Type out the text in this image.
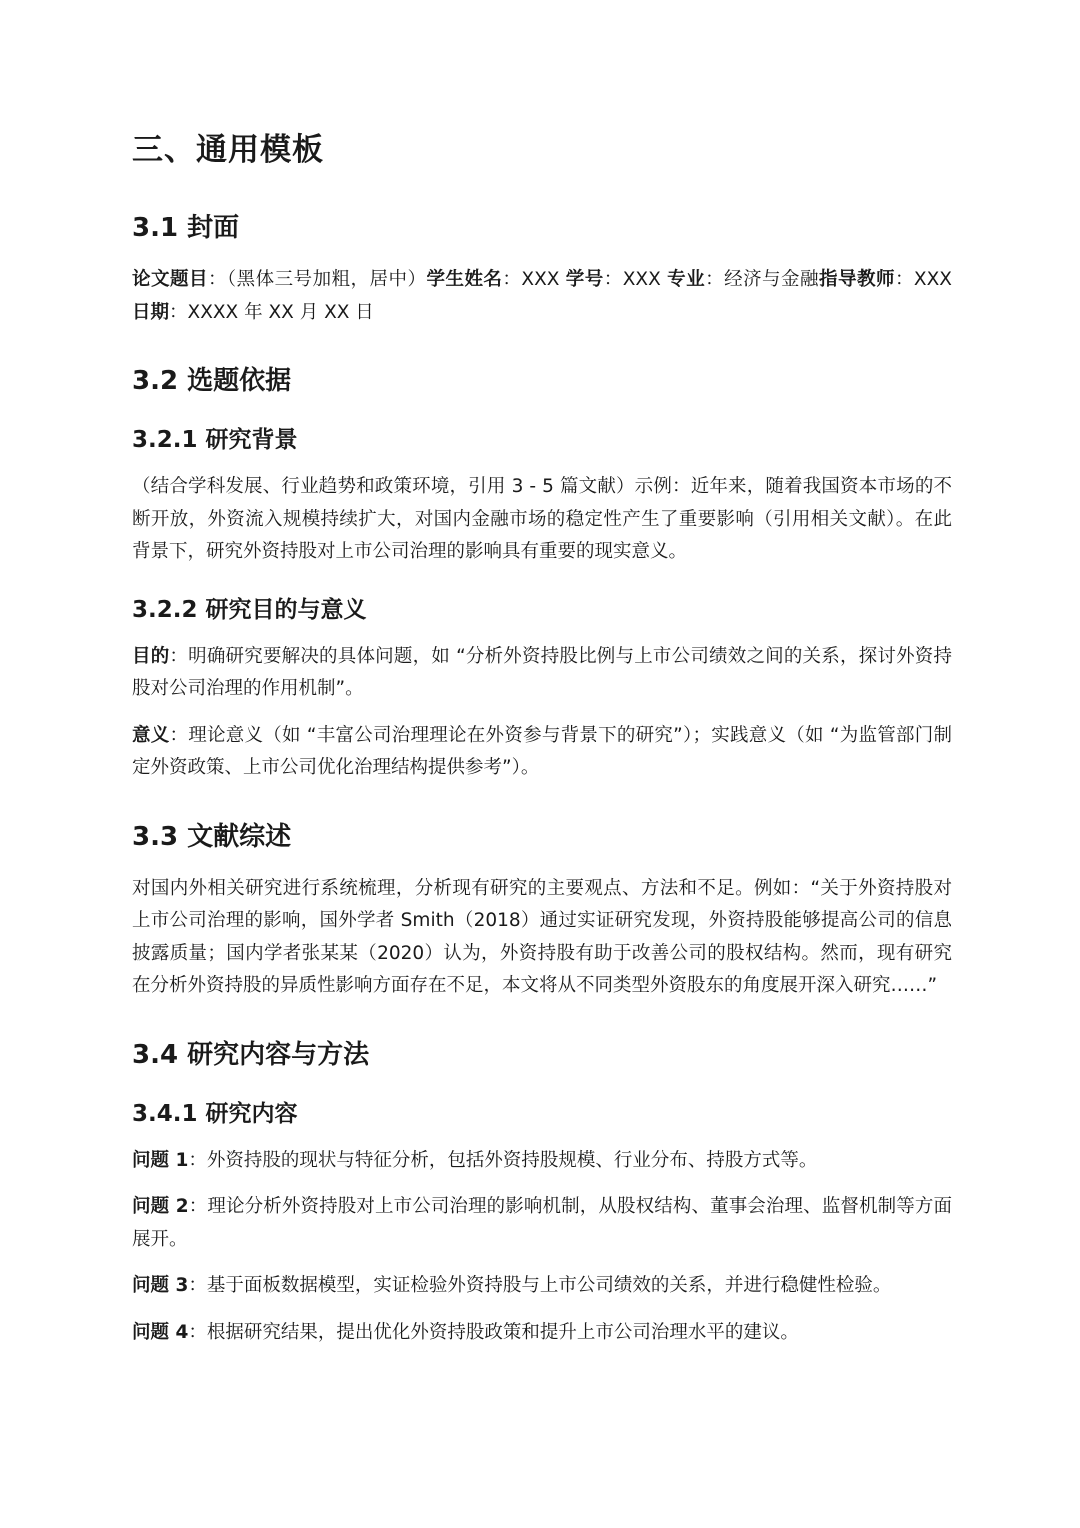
三、通用模板
3.1 封面

论文题目：（黑体三号加粗，居中）学生姓名：XXX 学号：XXX 专业：经济与金融指导教师：XXX 日期：XXXX 年 XX 月 XX 日

3.2 选题依据
3.2.1 研究背景

（结合学科发展、行业趋势和政策环境，引用 3 - 5 篇文献）示例：近年来，随着我国资本市场的不断开放，外资流入规模持续扩大，对国内金融市场的稳定性产生了重要影响（引用相关文献）。在此背景下，研究外资持股对上市公司治理的影响具有重要的现实意义。

3.2.2 研究目的与意义

目的：明确研究要解决的具体问题，如 “分析外资持股比例与上市公司绩效之间的关系，探讨外资持股对公司治理的作用机制”。

意义：理论意义（如 “丰富公司治理理论在外资参与背景下的研究”）；实践意义（如 “为监管部门制定外资政策、上市公司优化治理结构提供参考”）。

3.3 文献综述

对国内外相关研究进行系统梳理，分析现有研究的主要观点、方法和不足。例如：“关于外资持股对上市公司治理的影响，国外学者 Smith（2018）通过实证研究发现，外资持股能够提高公司的信息披露质量；国内学者张某某（2020）认为，外资持股有助于改善公司的股权结构。然而，现有研究在分析外资持股的异质性影响方面存在不足，本文将从不同类型外资股东的角度展开深入研究……”

3.4 研究内容与方法
3.4.1 研究内容

问题 1：外资持股的现状与特征分析，包括外资持股规模、行业分布、持股方式等。

问题 2：理论分析外资持股对上市公司治理的影响机制，从股权结构、董事会治理、监督机制等方面展开。

问题 3：基于面板数据模型，实证检验外资持股与上市公司绩效的关系，并进行稳健性检验。

问题 4：根据研究结果，提出优化外资持股政策和提升上市公司治理水平的建议。
